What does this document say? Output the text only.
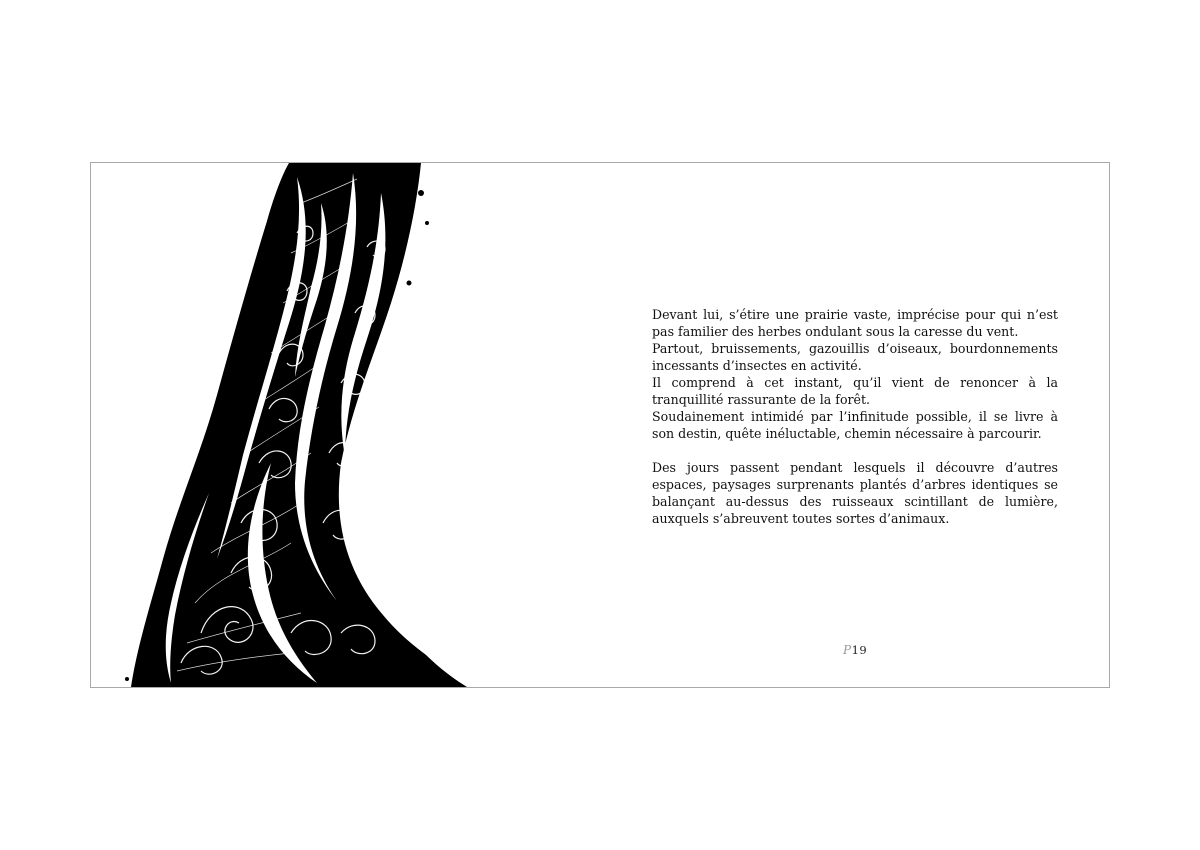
Devant lui, s’étire une prairie vaste, imprécise pour qui n’est pas familier des herbes ondulant sous la caresse du vent.

Partout, bruissements, gazouillis d’oiseaux, bourdonnements incessants d’insectes en activité.

Il comprend à cet instant, qu’il vient de renoncer à la tranquillité rassurante de la forêt.

Soudainement intimidé par l’infinitude possible, il se livre à son destin, quête inéluctable, chemin nécessaire à parcourir.

Des jours passent pendant lesquels il découvre d’autres espaces, paysages surprenants plantés d’arbres identiques se balançant au-dessus des ruisseaux scintillant de lumière, auxquels s’abreuvent toutes sortes d’animaux.

P19
